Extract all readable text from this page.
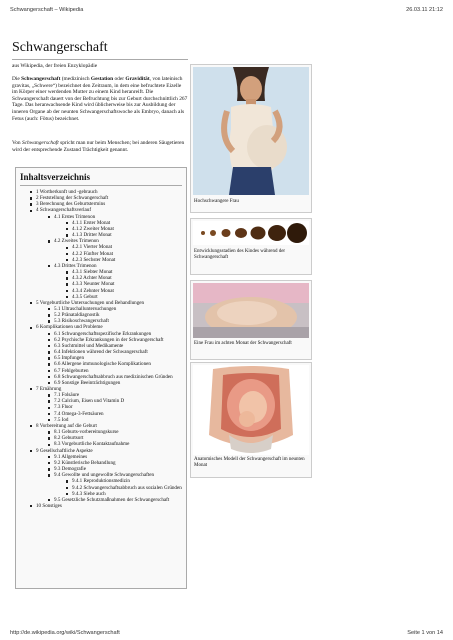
Schwangerschaft – Wikipedia	26.03.11 21:12
Schwangerschaft

aus Wikipedia, der freien Enzyklopädie

Die Schwangerschaft (medizinisch Gestation oder Gravidität, von lateinisch gravitas, „Schwere“) bezeichnet den Zeitraum, in dem eine befruchtete Eizelle im Körper einer werdenden Mutter zu einem Kind heranreift. Die Schwangerschaft dauert von der Befruchtung bis zur Geburt durchschnittlich 267 Tage. Das heranwachsende Kind wird üblicherweise bis zur Ausbildung der inneren Organe ab der neunten Schwangerschaftswoche als Embryo, danach als Fetus (auch: Fötus) bezeichnet.

Von Schwangerschaft spricht man nur beim Menschen; bei anderen Säugetieren wird der entsprechende Zustand Trächtigkeit genannt.

Inhaltsverzeichnis
1 Wortherkunft und -gebrauch
2 Feststellung der Schwangerschaft
3 Berechnung des Geburtstermins
4 Schwangerschaftsverlauf
4.1 Erstes Trimenon
4.1.1 Erster Monat
4.1.2 Zweiter Monat
4.1.3 Dritter Monat
4.2 Zweites Trimenon
4.2.1 Vierter Monat
4.2.2 Fünfter Monat
4.2.3 Sechster Monat
4.3 Drittes Trimenon
4.3.1 Siebter Monat
4.3.2 Achter Monat
4.3.3 Neunter Monat
4.3.4 Zehnter Monat
4.3.5 Geburt
5 Vorgeburtliche Untersuchungen und Behandlungen
5.1 Ultraschalluntersuchungen
5.2 Pränataldiagnostik
5.3 Risikoschwangerschaft
6 Komplikationen und Probleme
6.1 Schwangerschaftsspezifische Erkrankungen
6.2 Psychische Erkrankungen in der Schwangerschaft
6.3 Suchtmittel und Medikamente
6.4 Infektionen während der Schwangerschaft
6.5 Impfungen
6.6 Allergene immunologische Komplikationen
6.7 Fehlgeburten
6.8 Schwangerschaftsabbruch aus medizinischen Gründen
6.9 Sonstige Beeinträchtigungen
7 Ernährung
7.1 Folsäure
7.2 Calcium, Eisen und Vitamin D
7.3 Fluor
7.4 Omega-3-Fettsäuren
7.5 Iod
8 Vorbereitung auf die Geburt
8.1 Geburts-vorbereitungskurse
8.2 Geburtsort
8.3 Vorgeburtliche Kontaktaufnahme
9 Gesellschaftliche Aspekte
9.1 Allgemeines
9.2 Künstlerische Behandlung
9.3 Demografie
9.4 Gewollte und ungewollte Schwangerschaften
9.4.1 Reproduktionsmedizin
9.4.2 Schwangerschaftsabbruch aus sozialen Gründen
9.4.3 Siehe auch
9.5 Gesetzliche Schutzmaßnahmen der Schwangerschaft
10 Sonstiges
Hochschwangere Frau
Entwicklungsstadien des Kindes während der Schwangerschaft
Eine Frau im achten Monat der Schwangerschaft
Anatomisches Modell der Schwangerschaft im neunten Monat
http://de.wikipedia.org/wiki/Schwangerschaft	Seite 1 von 14
